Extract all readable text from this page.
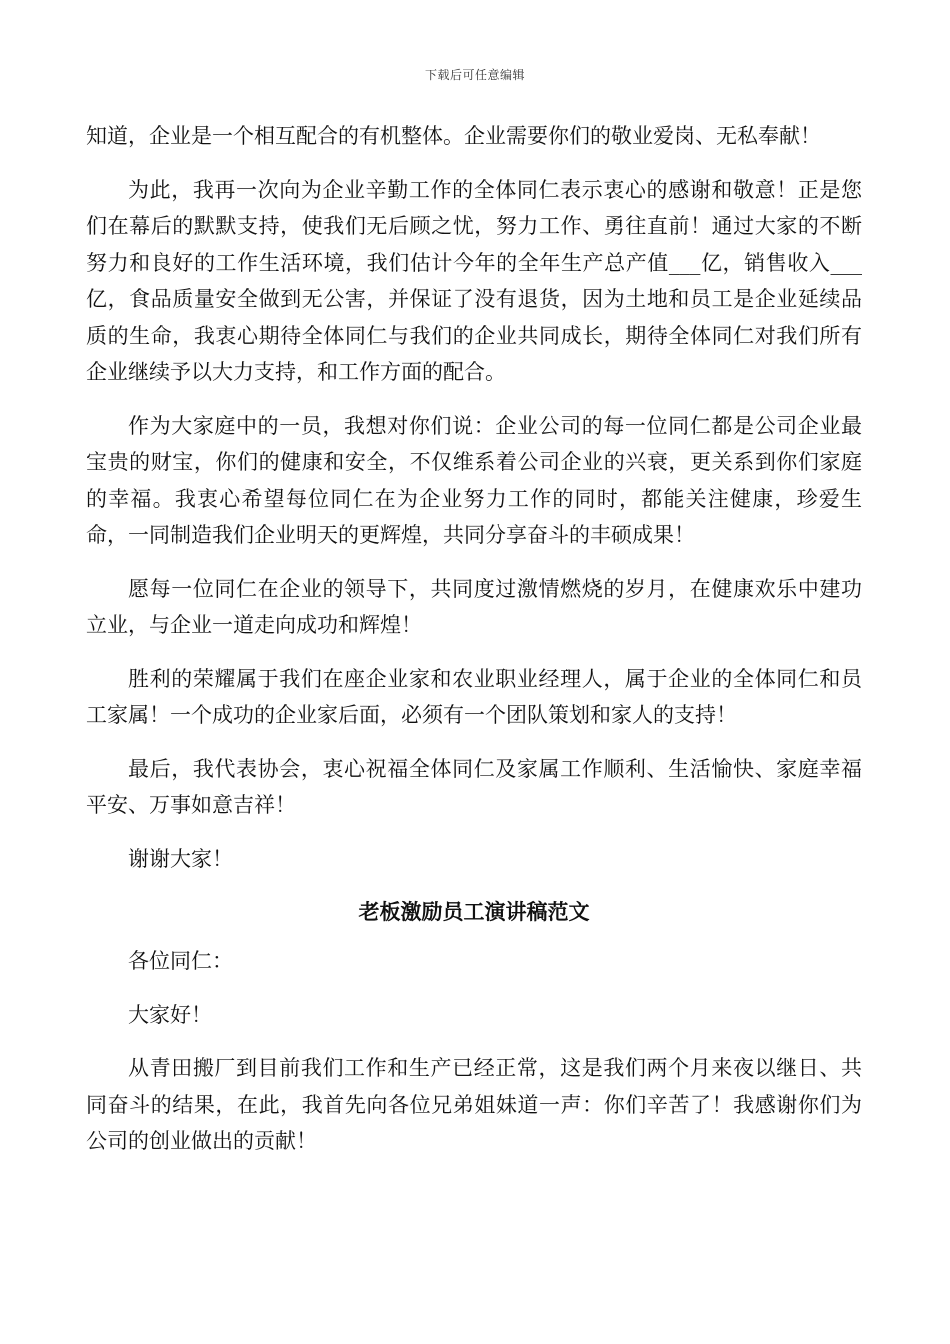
下载后可任意编辑

知道，企业是一个相互配合的有机整体。企业需要你们的敬业爱岗、无私奉献！

为此，我再一次向为企业辛勤工作的全体同仁表示衷心的感谢和敬意！正是您们在幕后的默默支持，使我们无后顾之忧，努力工作、勇往直前！通过大家的不断努力和良好的工作生活环境，我们估计今年的全年生产总产值___亿，销售收入___亿，食品质量安全做到无公害，并保证了没有退货，因为土地和员工是企业延续品质的生命，我衷心期待全体同仁与我们的企业共同成长，期待全体同仁对我们所有企业继续予以大力支持，和工作方面的配合。

作为大家庭中的一员，我想对你们说：企业公司的每一位同仁都是公司企业最宝贵的财宝，你们的健康和安全，不仅维系着公司企业的兴衰，更关系到你们家庭的幸福。我衷心希望每位同仁在为企业努力工作的同时，都能关注健康，珍爱生命，一同制造我们企业明天的更辉煌，共同分享奋斗的丰硕成果！

愿每一位同仁在企业的领导下，共同度过激情燃烧的岁月，在健康欢乐中建功立业，与企业一道走向成功和辉煌！

胜利的荣耀属于我们在座企业家和农业职业经理人，属于企业的全体同仁和员工家属！一个成功的企业家后面，必须有一个团队策划和家人的支持！

最后，我代表协会，衷心祝福全体同仁及家属工作顺利、生活愉快、家庭幸福平安、万事如意吉祥！

谢谢大家！

老板激励员工演讲稿范文

各位同仁：

大家好！

从青田搬厂到目前我们工作和生产已经正常，这是我们两个月来夜以继日、共同奋斗的结果，在此，我首先向各位兄弟姐妹道一声：你们辛苦了！我感谢你们为公司的创业做出的贡献！
